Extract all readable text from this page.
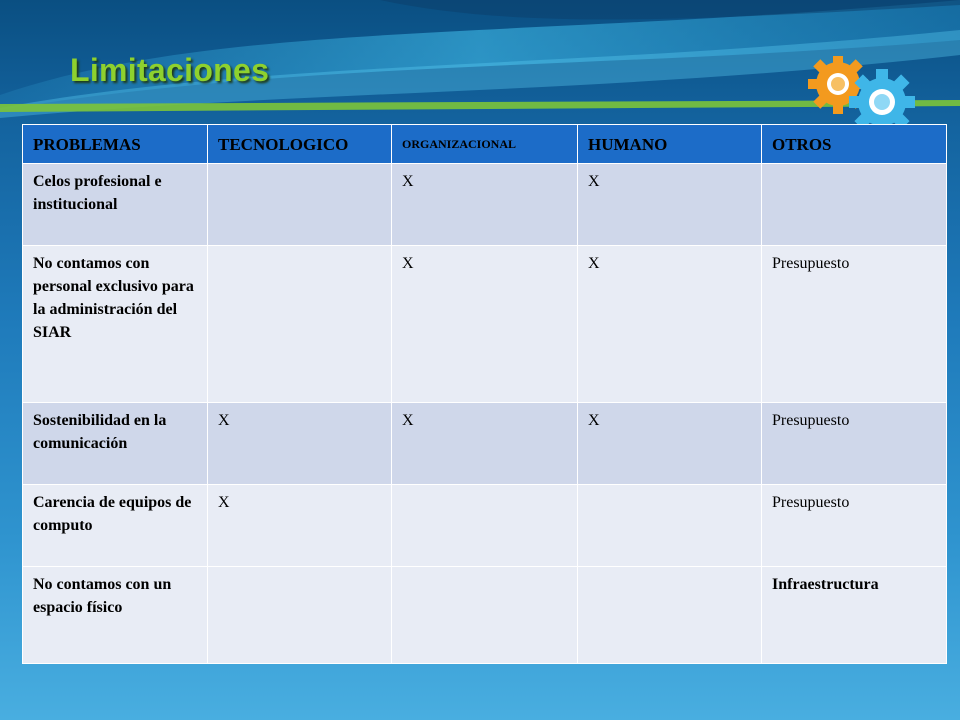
Limitaciones
PROBLEMAS	TECNOLOGICO	ORGANIZACIONAL	HUMANO	OTROS
Celos profesional e institucional		X	X	
No contamos con personal exclusivo para la administración del SIAR		X	X	Presupuesto
Sostenibilidad en la comunicación	X	X	X	Presupuesto
Carencia de equipos de computo	X			Presupuesto
No contamos con un espacio físico				Infraestructura
